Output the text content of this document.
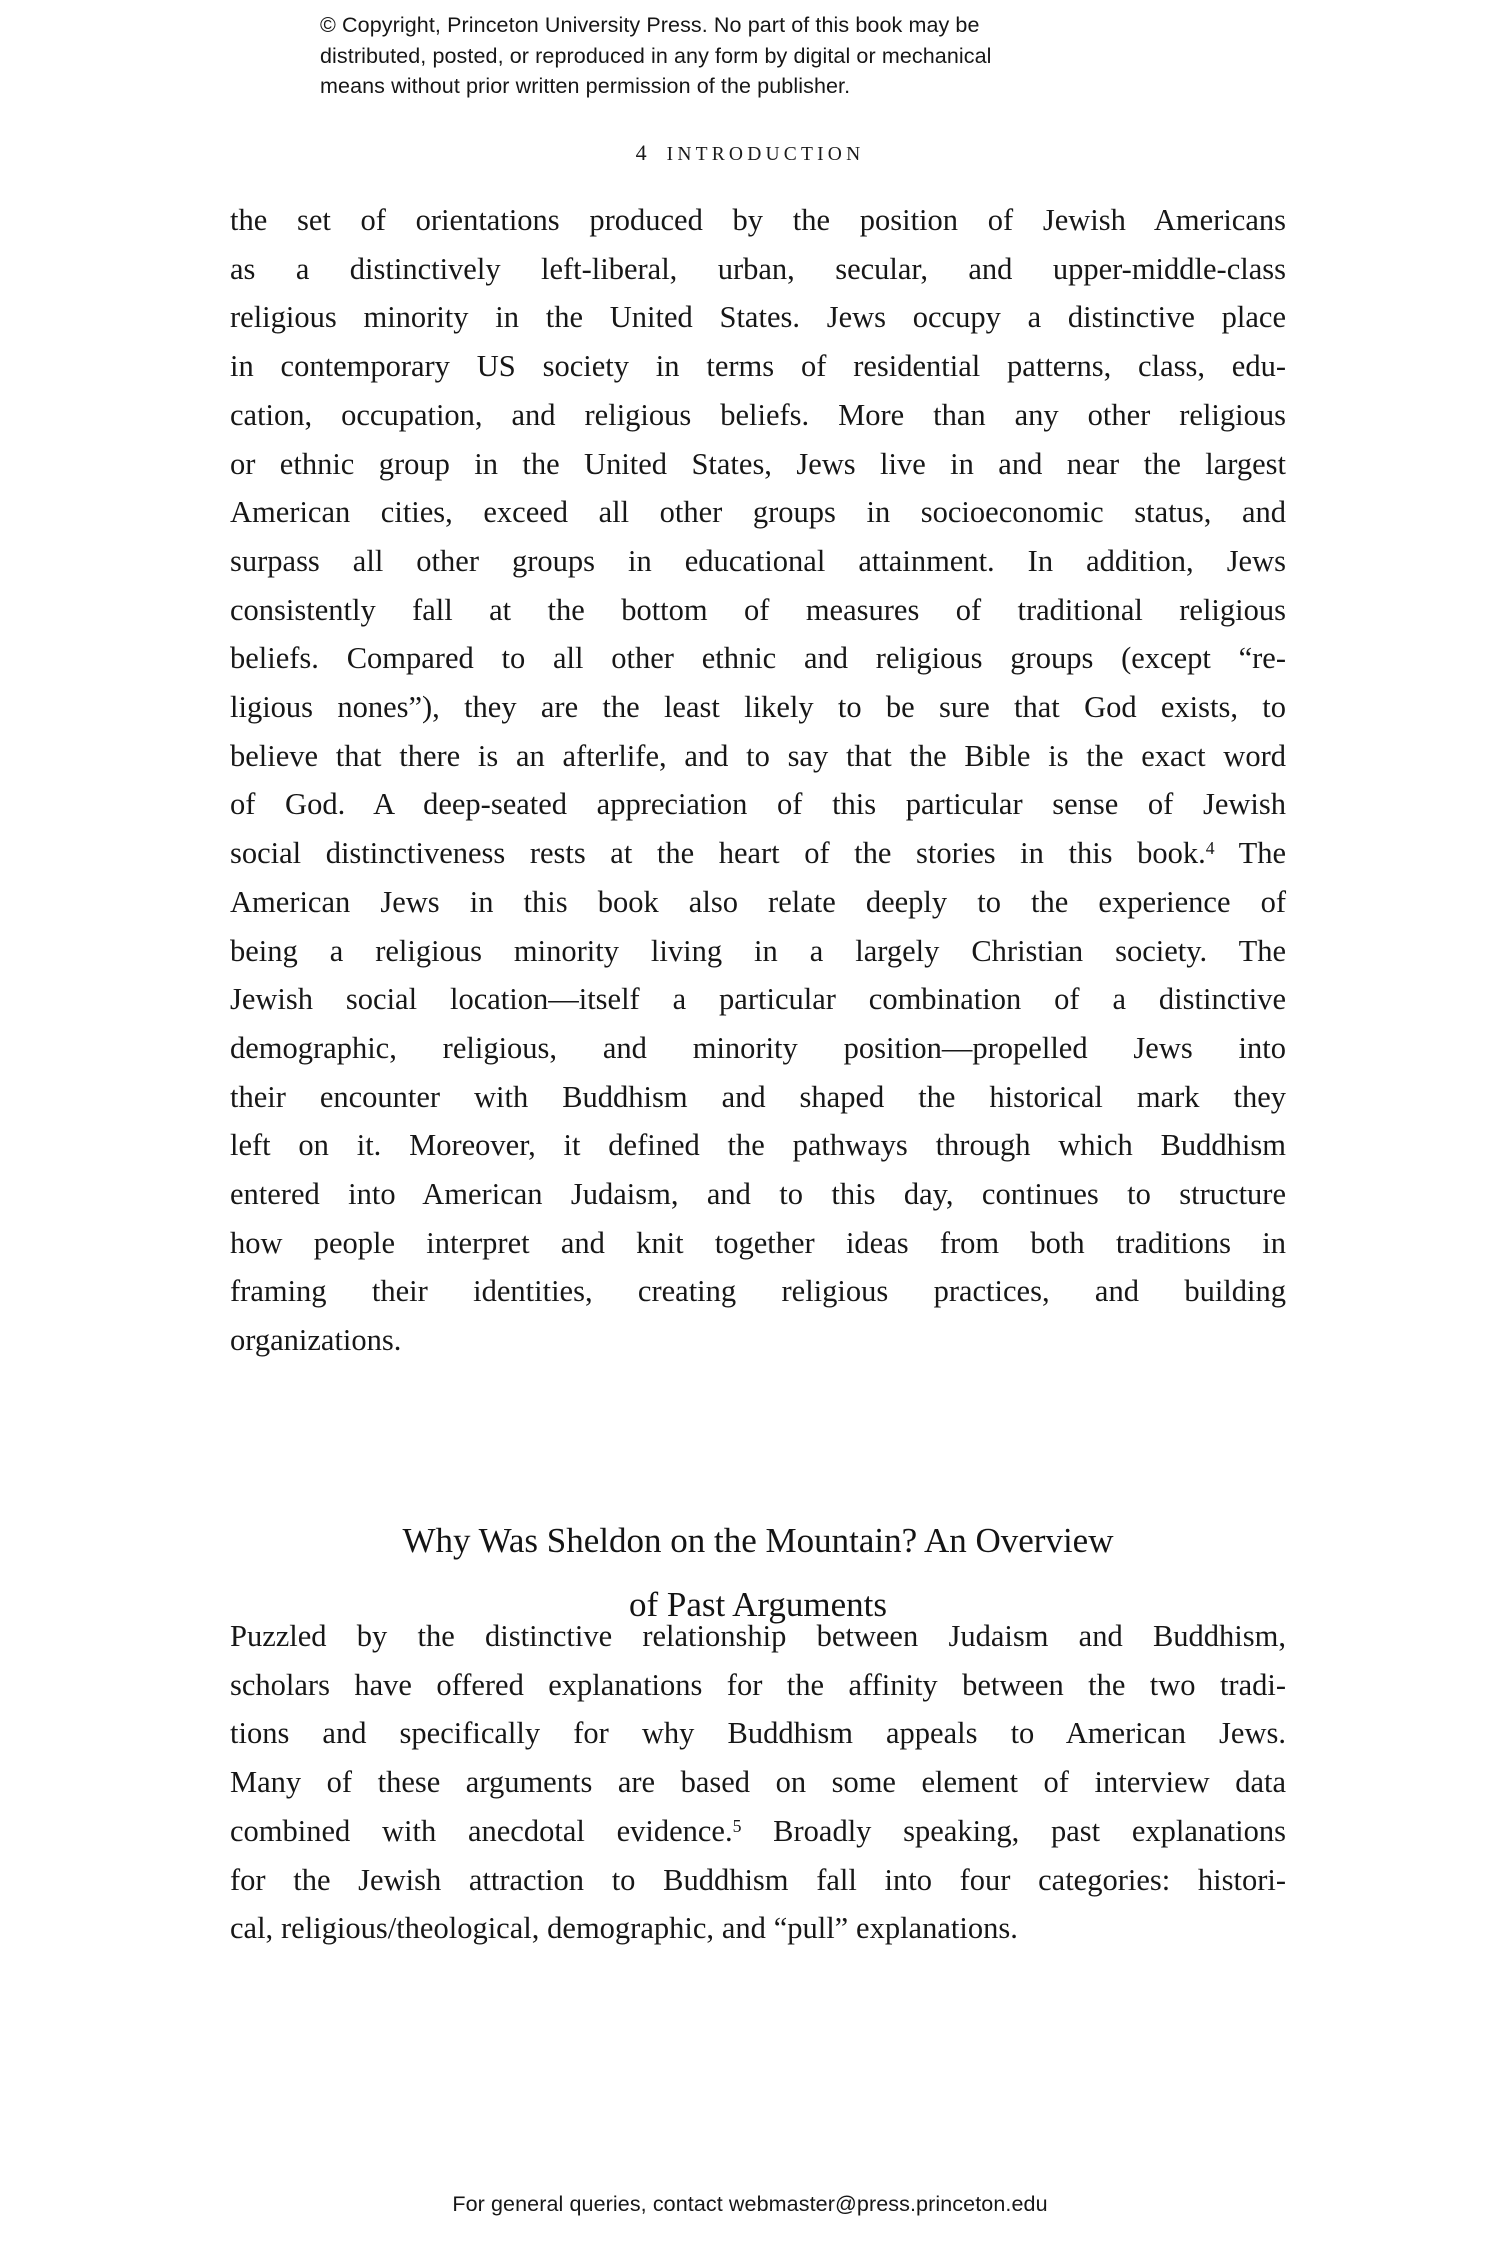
© Copyright, Princeton University Press. No part of this book may be
distributed, posted, or reproduced in any form by digital or mechanical
means without prior written permission of the publisher.
4 INTRODUCTION

the set of orientations produced by the position of Jewish Americans
as a distinctively left-liberal, urban, secular, and upper-middle-class
religious minority in the United States. Jews occupy a distinctive place
in contemporary US society in terms of residential patterns, class, edu-
cation, occupation, and religious beliefs. More than any other religious
or ethnic group in the United States, Jews live in and near the largest
American cities, exceed all other groups in socioeconomic status, and
surpass all other groups in educational attainment. In addition, Jews
consistently fall at the bottom of measures of traditional religious
beliefs. Compared to all other ethnic and religious groups (except “re-
ligious nones”), they are the least likely to be sure that God exists, to
believe that there is an afterlife, and to say that the Bible is the exact word
of God. A deep-seated appreciation of this particular sense of Jewish
social distinctiveness rests at the heart of the stories in this book.$^4$ The
American Jews in this book also relate deeply to the experience of
being a religious minority living in a largely Christian society. The
Jewish social location—itself a particular combination of a distinctive
demographic, religious, and minority position—propelled Jews into
their encounter with Buddhism and shaped the historical mark they
left on it. Moreover, it defined the pathways through which Buddhism
entered into American Judaism, and to this day, continues to structure
how people interpret and knit together ideas from both traditions in
framing their identities, creating religious practices, and building
organizations.

Why Was Sheldon on the Mountain? An Overview
of Past Arguments

Puzzled by the distinctive relationship between Judaism and Buddhism,
scholars have offered explanations for the affinity between the two tradi-
tions and specifically for why Buddhism appeals to American Jews.
Many of these arguments are based on some element of interview data
combined with anecdotal evidence.$^5$ Broadly speaking, past explanations
for the Jewish attraction to Buddhism fall into four categories: histori-
cal, religious/theological, demographic, and “pull” explanations.

For general queries, contact webmaster@press.princeton.edu
